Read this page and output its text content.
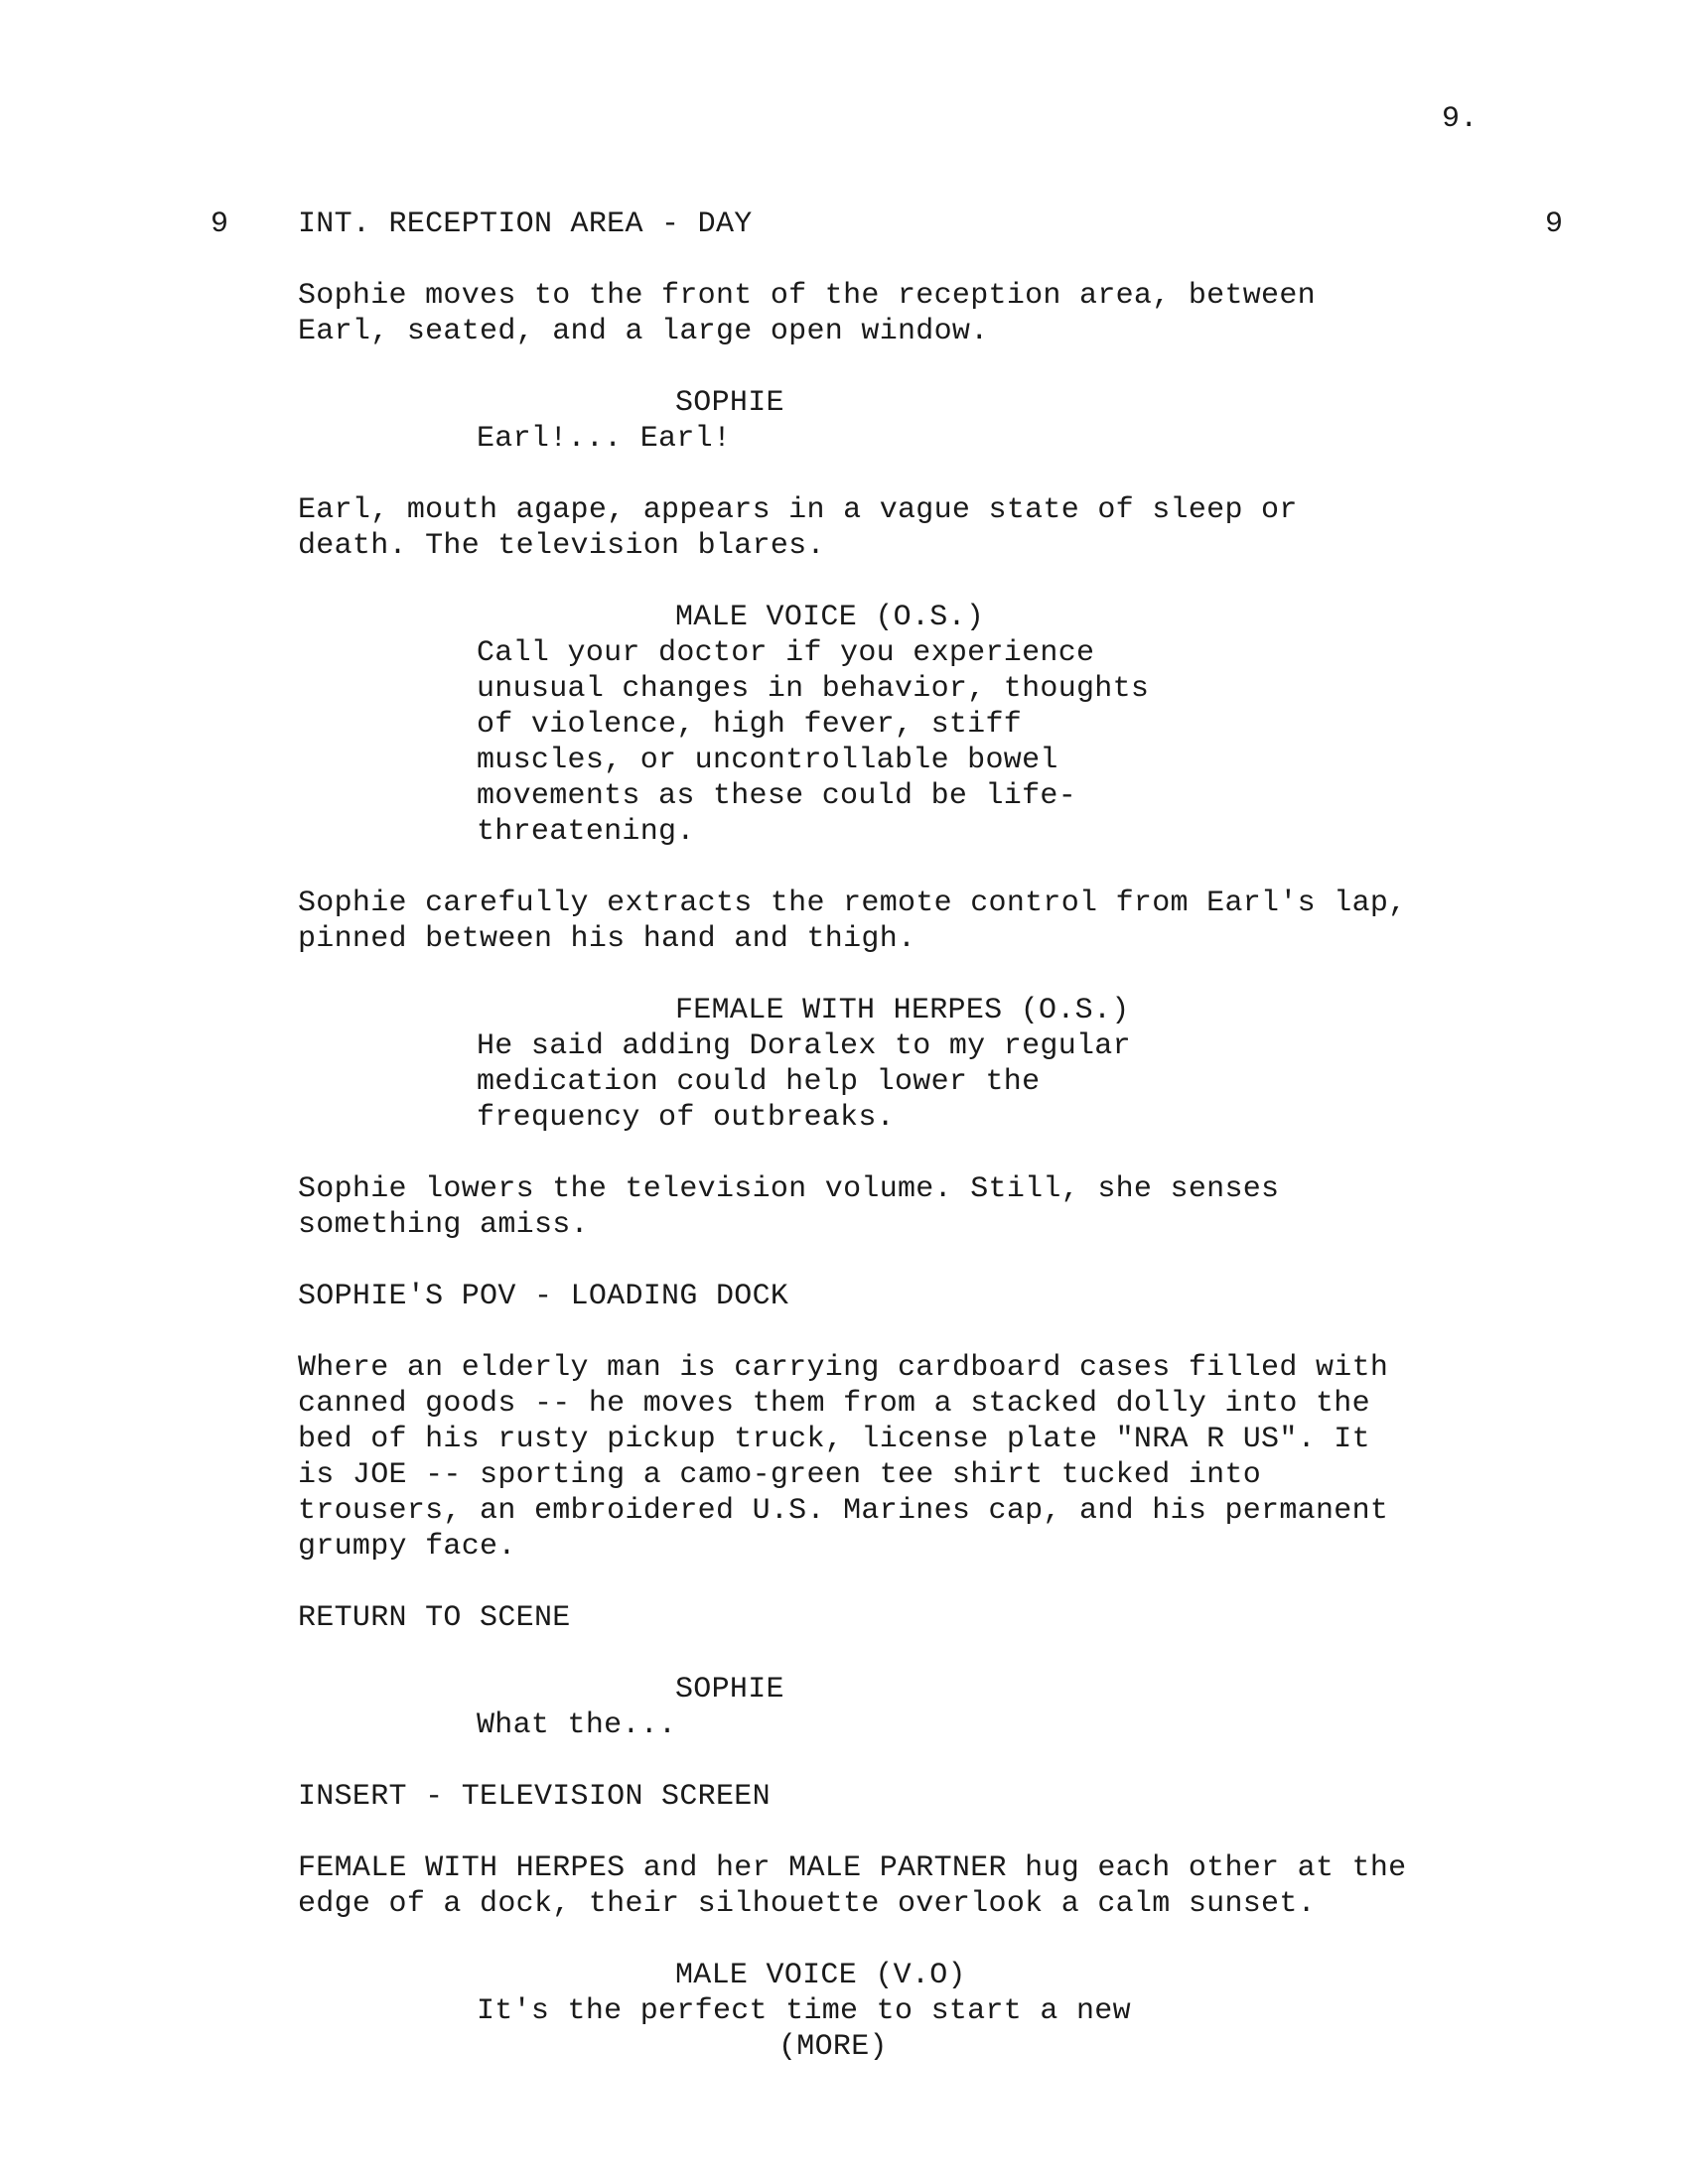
9.
9 INT. RECEPTION AREA - DAY	9
Sophie moves to the front of the reception area, between
Earl, seated, and a large open window.
SOPHIE
Earl!... Earl!
Earl, mouth agape, appears in a vague state of sleep or
death. The television blares.
MALE VOICE (O.S.)
Call your doctor if you experience
unusual changes in behavior, thoughts
of violence, high fever, stiff
muscles, or uncontrollable bowel
movements as these could be life-
threatening.
Sophie carefully extracts the remote control from Earl's lap,
pinned between his hand and thigh.
FEMALE WITH HERPES (O.S.)
He said adding Doralex to my regular
medication could help lower the
frequency of outbreaks.
Sophie lowers the television volume. Still, she senses
something amiss.
SOPHIE'S POV - LOADING DOCK
Where an elderly man is carrying cardboard cases filled with
canned goods -- he moves them from a stacked dolly into the
bed of his rusty pickup truck, license plate "NRA R US". It
is JOE -- sporting a camo-green tee shirt tucked into
trousers, an embroidered U.S. Marines cap, and his permanent
grumpy face.
RETURN TO SCENE
SOPHIE
What the...
INSERT - TELEVISION SCREEN
FEMALE WITH HERPES and her MALE PARTNER hug each other at the
edge of a dock, their silhouette overlook a calm sunset.
MALE VOICE (V.O)
It's the perfect time to start a new
(MORE)
